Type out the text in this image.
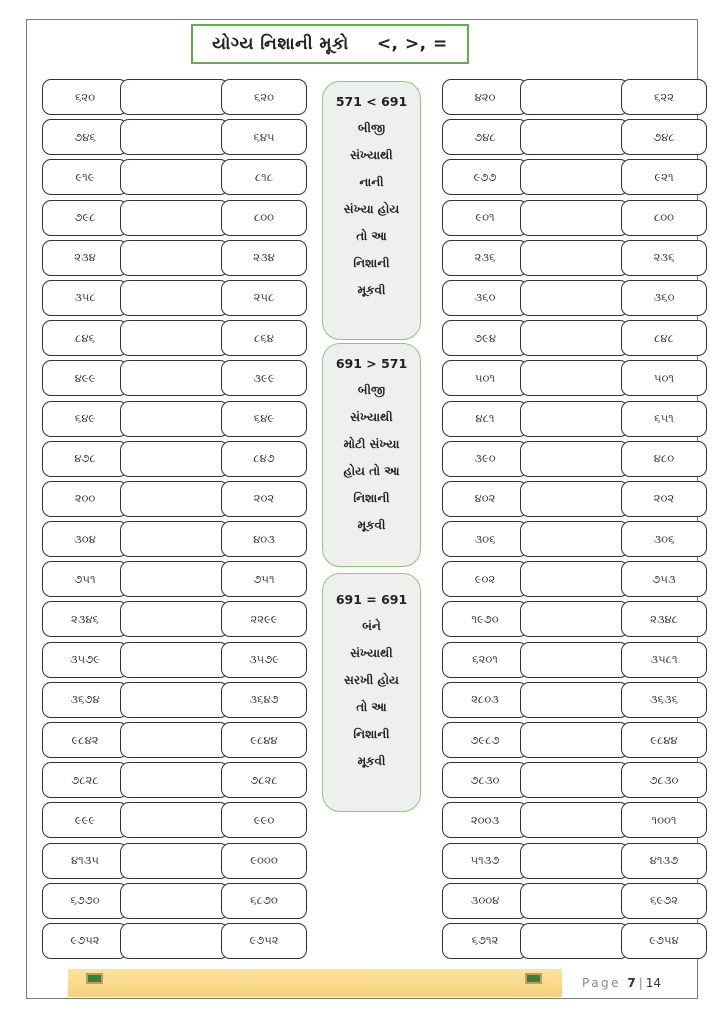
યોગ્ય નિશાની મૂકો <, >, =
૬૨૦	૬૨૦
૭૪૬	૬૪૫
૯૧૯	૮૧૮
૭૯૮	૮૦૦
૨૩૪	૨૩૪
૩૫૮	૨૫૮
૮૪૬	૮૬૪
૪૯૯	૩૯૯
૬૪૯	૬૪૯
૪૭૮	૮૪૭
૨૦૦	૨૦૨
૩૦૪	૪૦૩
૭૫૧	૭૫૧
૨૩૪૬	૨૨૯૯
૩૫૭૯	૩૫૭૯
૩૬૭૪	૩૬૪૭
૯૮૪૨	૯૮૪૪
૭૮૨૮	૭૮૨૮
૯૯૯	૯૯૦
૪૧૩૫	૯૦૦૦
૬૭૭૦	૬૮૭૦
૯૭૫૨	૯૭૫૨
૪૨૦	૬૨૨
૭૪૮	૭૪૮
૯૭૭	૯૨૧
૯૦૧	૮૦૦
૨૩૬	૨૩૬
૩૬૦	૩૬૦
૭૯૪	૮૪૮
૫૦૧	૫૦૧
૪૮૧	૬૫૧
૩૯૦	૪૮૦
૪૦૨	૨૦૨
૩૦૬	૩૦૬
૯૦૨	૭૫૩
૧૯૭૦	૨૩૪૮
૬૨૦૧	૩૫૮૧
૨૮૦૩	૩૬૩૬
૭૯૮૭	૯૮૪૪
૭૮૩૦	૭૮૩૦
૨૦૦૩	૧૦૦૧
૫૧૩૭	૪૧૩૭
૩૦૦૪	૬૯૭૨
૬૭૧૨	૯૭૫૪
571 < 691
બીજી
સંખ્યાથી
નાની
સંખ્યા હોય
તો આ
નિશાની
મૂકવી
691 > 571
બીજી
સંખ્યાથી
મોટી સંખ્યા
હોય તો આ
નિશાની
મૂકવી
691 = 691
બંને
સંખ્યાથી
સરખી હોય
તો આ
નિશાની
મૂકવી
Page 7 | 14
